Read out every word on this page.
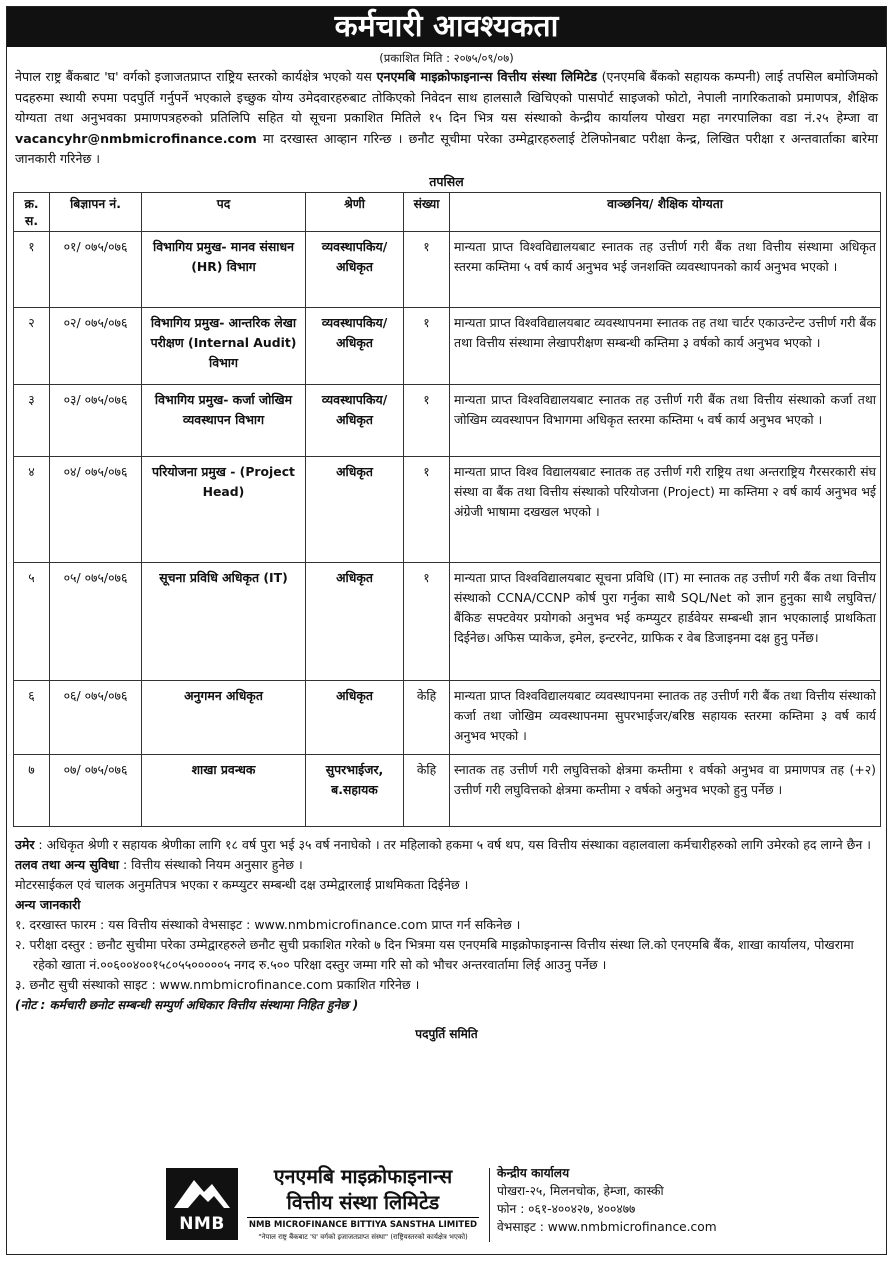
कर्मचारी आवश्यकता
(प्रकाशित मिति : २०७५/०९/०७)
नेपाल राष्ट्र बैंकबाट 'घ' वर्गको इजाजतप्राप्त राष्ट्रिय स्तरको कार्यक्षेत्र भएको यस एनएमबि माइक्रोफाइनान्स वित्तीय संस्था लिमिटेड (एनएमबि बैंकको सहायक कम्पनी) लाई तपसिल बमोजिमको पदहरुमा स्थायी रुपमा पदपुर्ति गर्नुपर्ने भएकाले इच्छुक योग्य उमेदवारहरुबाट तोकिएको निवेदन साथ हालसालै खिचिएको पासपोर्ट साइजको फोटो, नेपाली नागरिकताको प्रमाणपत्र, शैक्षिक योग्यता तथा अनुभवका प्रमाणपत्रहरुको प्रतिलिपि सहित यो सूचना प्रकाशित मितिले १५ दिन भित्र यस संस्थाको केन्द्रीय कार्यालय पोखरा महा नगरपालिका वडा नं.२५ हेम्जा वा vacancyhr@nmbmicrofinance.com मा दरखास्त आव्हान गरिन्छ । छनौट सूचीमा परेका उम्मेद्वारहरुलाई टेलिफोनबाट परीक्षा केन्द्र, लिखित परीक्षा र अन्तवार्ताका बारेमा जानकारी गरिनेछ ।
तपसिल
क्र. स.	बिज्ञापन नं.	पद	श्रेणी	संख्या	वाञ्छनिय/ शैक्षिक योग्यता
१	०१/ ०७५/०७६	विभागिय प्रमुख- मानव संसाधन (HR) विभाग	व्यवस्थापकिय/ अधिकृत	१	मान्यता प्राप्त विश्वविद्यालयबाट स्नातक तह उत्तीर्ण गरी बैंक तथा वित्तीय संस्थामा अधिकृत स्तरमा कम्तिमा ५ वर्ष कार्य अनुभव भई जनशक्ति व्यवस्थापनको कार्य अनुभव भएको ।
२	०२/ ०७५/०७६	विभागिय प्रमुख- आन्तरिक लेखा परीक्षण (Internal Audit) विभाग	व्यवस्थापकिय/ अधिकृत	१	मान्यता प्राप्त विश्वविद्यालयबाट व्यवस्थापनमा स्नातक तह तथा चार्टर एकाउन्टेन्ट उत्तीर्ण गरी बैंक तथा वित्तीय संस्थामा लेखापरीक्षण सम्बन्धी कम्तिमा ३ वर्षको कार्य अनुभव भएको ।
३	०३/ ०७५/०७६	विभागिय प्रमुख- कर्जा जोखिम व्यवस्थापन विभाग	व्यवस्थापकिय/ अधिकृत	१	मान्यता प्राप्त विश्वविद्यालयबाट स्नातक तह उत्तीर्ण गरी बैंक तथा वित्तीय संस्थाको कर्जा तथा जोखिम व्यवस्थापन विभागमा अधिकृत स्तरमा कम्तिमा ५ वर्ष कार्य अनुभव भएको ।
४	०४/ ०७५/०७६	परियोजना प्रमुख - (Project Head)	अधिकृत	१	मान्यता प्राप्त विश्व विद्यालयबाट स्नातक तह उत्तीर्ण गरी राष्ट्रिय तथा अन्तराष्ट्रिय गैरसरकारी संघ संस्था वा बैंक तथा वित्तीय संस्थाको परियोजना (Project) मा कम्तिमा २ वर्ष कार्य अनुभव भई अंग्रेजी भाषामा दखखल भएको ।
५	०५/ ०७५/०७६	सूचना प्रविधि अधिकृत (IT)	अधिकृत	१	मान्यता प्राप्त विश्वविद्यालयबाट सूचना प्रविधि (IT) मा स्नातक तह उत्तीर्ण गरी बैंक तथा वित्तीय संस्थाको CCNA/CCNP कोर्ष पुरा गर्नुका साथै SQL/Net को ज्ञान हुनुका साथै लघुवित्त/बैंकिङ सफ्टवेयर प्रयोगको अनुभव भई कम्प्युटर हार्डवेयर सम्बन्धी ज्ञान भएकालाई प्राथकिता दिईनेछ। अफिस प्याकेज, इमेल, इन्टरनेट, ग्राफिक र वेब डिजाइनमा दक्ष हुनु पर्नेछ।
६	०६/ ०७५/०७६	अनुगमन अधिकृत	अधिकृत	केहि	मान्यता प्राप्त विश्वविद्यालयबाट व्यवस्थापनमा स्नातक तह उत्तीर्ण गरी बैंक तथा वित्तीय संस्थाको कर्जा तथा जोखिम व्यवस्थापनमा सुपरभाईजर/बरिष्ठ सहायक स्तरमा कम्तिमा ३ वर्ष कार्य अनुभव भएको ।
७	०७/ ०७५/०७६	शाखा प्रवन्धक	सुपरभाईजर, ब.सहायक	केहि	स्नातक तह उत्तीर्ण गरी लघुवित्तको क्षेत्रमा कम्तीमा १ वर्षको अनुभव वा प्रमाणपत्र तह (+२) उत्तीर्ण गरी लघुवित्तको क्षेत्रमा कम्तीमा २ वर्षको अनुभव भएको हुनु पर्नेछ ।

उमेर : अधिकृत श्रेणी र सहायक श्रेणीका लागि १८ वर्ष पुरा भई ३५ वर्ष ननाघेको । तर महिलाको हकमा ५ वर्ष थप, यस वित्तीय संस्थाका वहालवाला कर्मचारीहरुको लागि उमेरको हद लाग्ने छैन ।

तलव तथा अन्य सुविधा : वित्तीय संस्थाको नियम अनुसार हुनेछ ।

मोटरसाईकल एवं चालक अनुमतिपत्र भएका र कम्प्युटर सम्बन्धी दक्ष उम्मेद्वारलाई प्राथमिकता दिईनेछ ।

अन्य जानकारी

१. दरखास्त फारम : यस वित्तीय संस्थाको वेभसाइट : www.nmbmicrofinance.com प्राप्त गर्न सकिनेछ ।

२. परीक्षा दस्तुर : छनौट सुचीमा परेका उम्मेद्वारहरुले छनौट सुची प्रकाशित गरेको ७ दिन भित्रमा यस एनएमबि माइक्रोफाइनान्स वित्तीय संस्था लि.को एनएमबि बैंक, शाखा कार्यालय, पोखरामा रहेको खाता नं.००६००४००१५८०५५०००००५ नगद रु.५०० परिक्षा दस्तुर जम्मा गरि सो को भौचर अन्तरवार्तामा लिई आउनु पर्नेछ ।

३. छनौट सुची संस्थाको साइट : www.nmbmicrofinance.com प्रकाशित गरिनेछ ।

(नोट : कर्मचारी छनोट सम्बन्धी सम्पुर्ण अधिकार वित्तीय संस्थामा निहित हुनेछ )

पदपुर्ति समिति
NMB
एनएमबि माइक्रोफाइनान्स
वित्तीय संस्था लिमिटेड
NMB MICROFINANCE BITTIYA SANSTHA LIMITED
"नेपाल राष्ट्र बैंकबाट 'घ' वर्गको इजाजतप्राप्त संस्था" (राष्ट्रियस्तरको कार्यक्षेत्र भएको)
केन्द्रीय कार्यालय
पोखरा-२५, मिलनचोक, हेम्जा, कास्की
फोन : ०६१-४००४२७, ४००४७७
वेभसाइट : www.nmbmicrofinance.com
